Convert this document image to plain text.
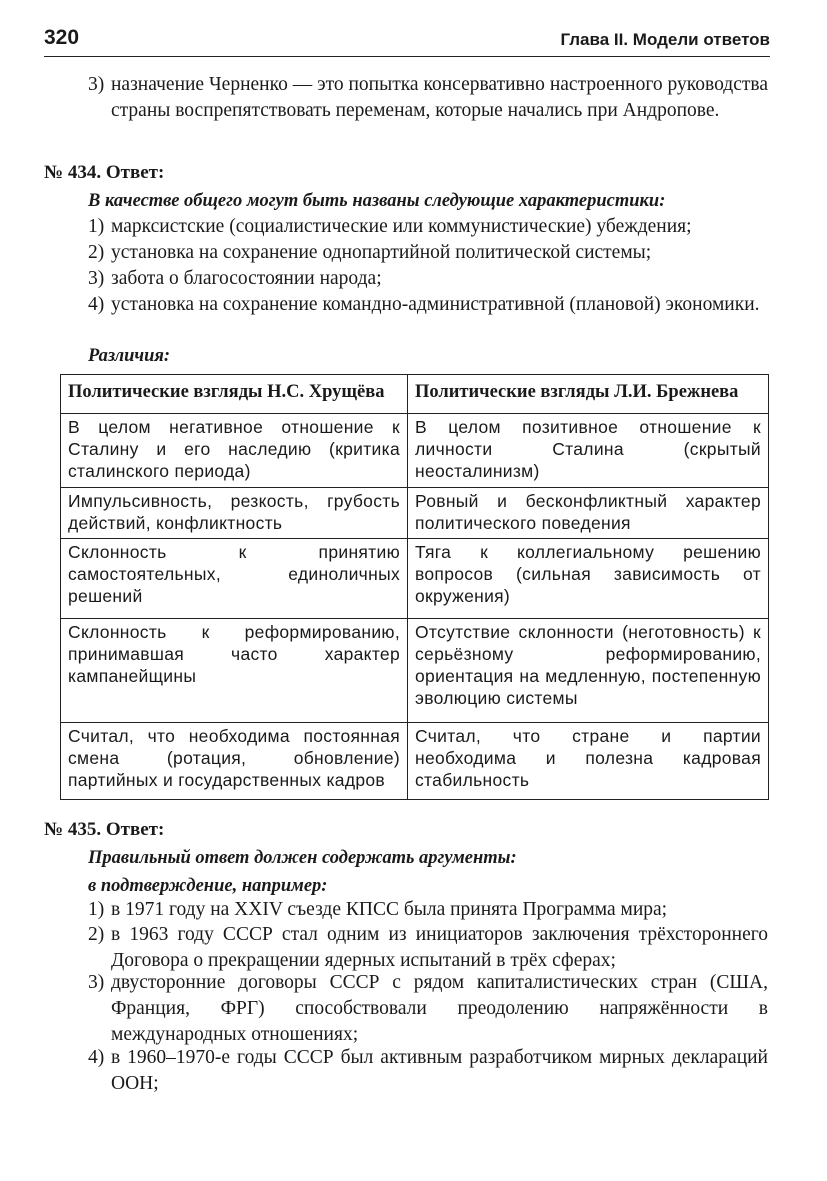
320	Глава II. Модели ответов
3) назначение Черненко — это попытка консервативно настроенного руководства страны воспрепятствовать переменам, которые начались при Андропове.
№ 434. Ответ:
В качестве общего могут быть названы следующие характеристики:
1) марксистские (социалистические или коммунистические) убеждения;
2) установка на сохранение однопартийной политической системы;
3) забота о благосостоянии народа;
4) установка на сохранение командно-административной (плановой) экономики.
Различия:
Политические взгляды Н.С. Хрущёва	Политические взгляды Л.И. Брежнева
В целом негативное отношение к Сталину и его наследию (критика сталинского периода)	В целом позитивное отношение к личности Сталина (скрытый неосталинизм)
Импульсивность, резкость, грубость действий, конфликтность	Ровный и бесконфликтный характер политического поведения
Склонность к принятию самостоятельных, единоличных решений	Тяга к коллегиальному решению вопросов (сильная зависимость от окружения)
Склонность к реформированию, принимавшая часто характер кампанейщины	Отсутствие склонности (неготовность) к серьёзному реформированию, ориентация на медленную, постепенную эволюцию системы
Считал, что необходима постоянная смена (ротация, обновление) партийных и государственных кадров	Считал, что стране и партии необходима и полезна кадровая стабильность
№ 435. Ответ:
Правильный ответ должен содержать аргументы:
в подтверждение, например:
1) в 1971 году на XXIV съезде КПСС была принята Программа мира;
2) в 1963 году СССР стал одним из инициаторов заключения трёхстороннего Договора о прекращении ядерных испытаний в трёх сферах;
3) двусторонние договоры СССР с рядом капиталистических стран (США, Франция, ФРГ) способствовали преодолению напряжённости в международных отношениях;
4) в 1960–1970-е годы СССР был активным разработчиком мирных деклараций ООН;
